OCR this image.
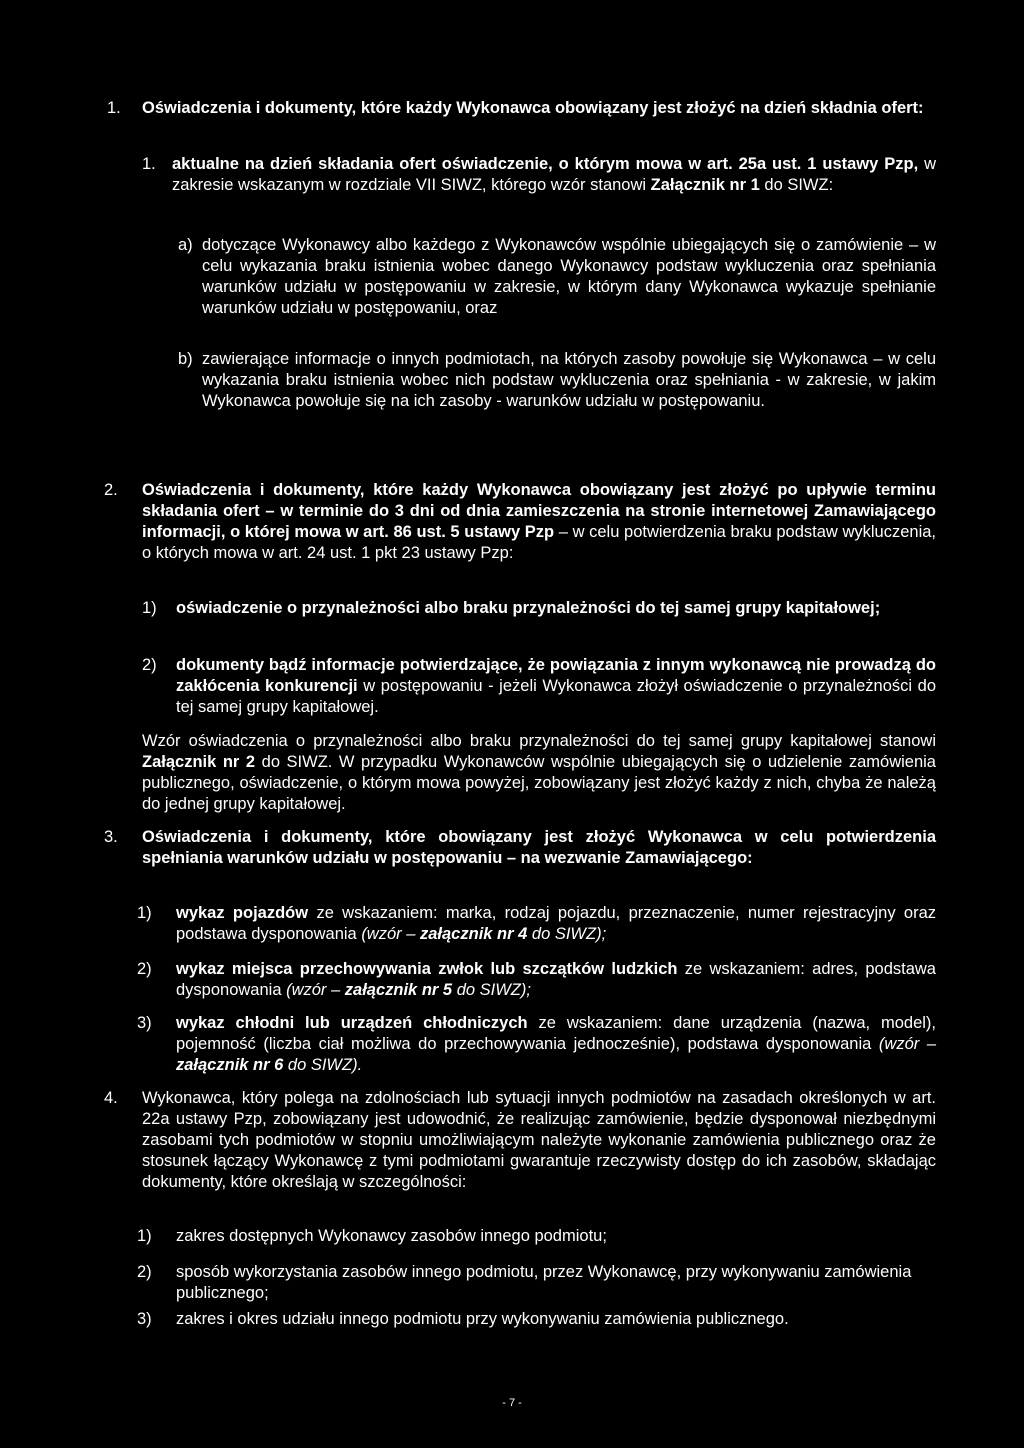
1. Oświadczenia i dokumenty, które każdy Wykonawca obowiązany jest złożyć na dzień składnia ofert:
1. aktualne na dzień składania ofert oświadczenie, o którym mowa w art. 25a ust. 1 ustawy Pzp, w zakresie wskazanym w rozdziale VII SIWZ, którego wzór stanowi Załącznik nr 1 do SIWZ:
a) dotyczące Wykonawcy albo każdego z Wykonawców wspólnie ubiegających się o zamówienie – w celu wykazania braku istnienia wobec danego Wykonawcy podstaw wykluczenia oraz spełniania warunków udziału w postępowaniu w zakresie, w którym dany Wykonawca wykazuje spełnianie warunków udziału w postępowaniu, oraz
b) zawierające informacje o innych podmiotach, na których zasoby powołuje się Wykonawca – w celu wykazania braku istnienia wobec nich podstaw wykluczenia oraz spełniania - w zakresie, w jakim Wykonawca powołuje się na ich zasoby - warunków udziału w postępowaniu.
2. Oświadczenia i dokumenty, które każdy Wykonawca obowiązany jest złożyć po upływie terminu składania ofert – w terminie do 3 dni od dnia zamieszczenia na stronie internetowej Zamawiającego informacji, o której mowa w art. 86 ust. 5 ustawy Pzp – w celu potwierdzenia braku podstaw wykluczenia, o których mowa w art. 24 ust. 1 pkt 23 ustawy Pzp:
1) oświadczenie o przynależności albo braku przynależności do tej samej grupy kapitałowej;
2) dokumenty bądź informacje potwierdzające, że powiązania z innym wykonawcą nie prowadzą do zakłócenia konkurencji w postępowaniu - jeżeli Wykonawca złożył oświadczenie o przynależności do tej samej grupy kapitałowej.
Wzór oświadczenia o przynależności albo braku przynależności do tej samej grupy kapitałowej stanowi Załącznik nr 2 do SIWZ. W przypadku Wykonawców wspólnie ubiegających się o udzielenie zamówienia publicznego, oświadczenie, o którym mowa powyżej, zobowiązany jest złożyć każdy z nich, chyba że należą do jednej grupy kapitałowej.
3. Oświadczenia i dokumenty, które obowiązany jest złożyć Wykonawca w celu potwierdzenia spełniania warunków udziału w postępowaniu – na wezwanie Zamawiającego:
1) wykaz pojazdów ze wskazaniem: marka, rodzaj pojazdu, przeznaczenie, numer rejestracyjny oraz podstawa dysponowania (wzór – załącznik nr 4 do SIWZ);
2) wykaz miejsca przechowywania zwłok lub szczątków ludzkich ze wskazaniem: adres, podstawa dysponowania (wzór – załącznik nr 5 do SIWZ);
3) wykaz chłodni lub urządzeń chłodniczych ze wskazaniem: dane urządzenia (nazwa, model), pojemność (liczba ciał możliwa do przechowywania jednocześnie), podstawa dysponowania (wzór – załącznik nr 6 do SIWZ).
4. Wykonawca, który polega na zdolnościach lub sytuacji innych podmiotów na zasadach określonych w art. 22a ustawy Pzp, zobowiązany jest udowodnić, że realizując zamówienie, będzie dysponował niezbędnymi zasobami tych podmiotów w stopniu umożliwiającym należyte wykonanie zamówienia publicznego oraz że stosunek łączący Wykonawcę z tymi podmiotami gwarantuje rzeczywisty dostęp do ich zasobów, składając dokumenty, które określają w szczególności:
1) zakres dostępnych Wykonawcy zasobów innego podmiotu;
2) sposób wykorzystania zasobów innego podmiotu, przez Wykonawcę, przy wykonywaniu zamówienia publicznego;
3) zakres i okres udziału innego podmiotu przy wykonywaniu zamówienia publicznego.
- 7 -
